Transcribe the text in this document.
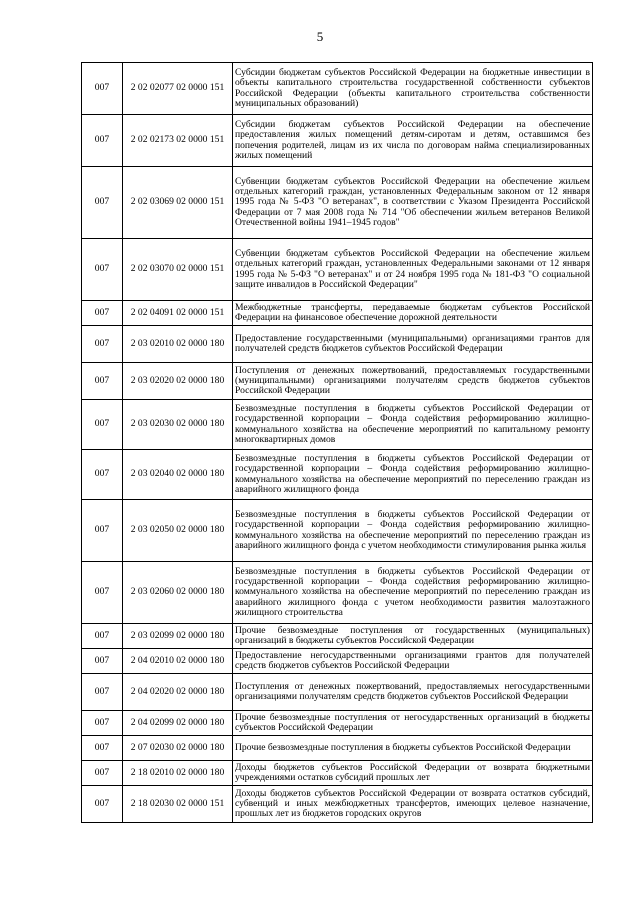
5
007	2 02 02077 02 0000 151	Субсидии бюджетам субъектов Российской Федерации на бюджетные инвестиции в объекты капитального строительства государственной собственности субъектов Российской Федерации (объекты капитального строительства собственности муниципальных образований)
007	2 02 02173 02 0000 151	Субсидии бюджетам субъектов Российской Федерации на обеспечение предоставления жилых помещений детям-сиротам и детям, оставшимся без попечения родителей, лицам из их числа по договорам найма специализированных жилых помещений
007	2 02 03069 02 0000 151	Субвенции бюджетам субъектов Российской Федерации на обеспечение жильем отдельных категорий граждан, установленных Федеральным законом от 12 января 1995 года № 5-ФЗ "О ветеранах", в соответствии с Указом Президента Российской Федерации от 7 мая 2008 года № 714 "Об обеспечении жильем ветеранов Великой Отечественной войны 1941–1945 годов"
007	2 02 03070 02 0000 151	Субвенции бюджетам субъектов Российской Федерации на обеспечение жильем отдельных категорий граждан, установленных Федеральными законами от 12 января 1995 года № 5-ФЗ "О ветеранах" и от 24 ноября 1995 года № 181-ФЗ "О социальной защите инвалидов в Российской Федерации"
007	2 02 04091 02 0000 151	Межбюджетные трансферты, передаваемые бюджетам субъектов Российской Федерации на финансовое обеспечение дорожной деятельности
007	2 03 02010 02 0000 180	Предоставление государственными (муниципальными) организациями грантов для получателей средств бюджетов субъектов Российской Федерации
007	2 03 02020 02 0000 180	Поступления от денежных пожертвований, предоставляемых государственными (муниципальными) организациями получателям средств бюджетов субъектов Российской Федерации
007	2 03 02030 02 0000 180	Безвозмездные поступления в бюджеты субъектов Российской Федерации от государственной корпорации – Фонда содействия реформированию жилищно-коммунального хозяйства на обеспечение мероприятий по капитальному ремонту многоквартирных домов
007	2 03 02040 02 0000 180	Безвозмездные поступления в бюджеты субъектов Российской Федерации от государственной корпорации – Фонда содействия реформированию жилищно-коммунального хозяйства на обеспечение мероприятий по переселению граждан из аварийного жилищного фонда
007	2 03 02050 02 0000 180	Безвозмездные поступления в бюджеты субъектов Российской Федерации от государственной корпорации – Фонда содействия реформированию жилищно-коммунального хозяйства на обеспечение мероприятий по переселению граждан из аварийного жилищного фонда с учетом необходимости стимулирования рынка жилья
007	2 03 02060 02 0000 180	Безвозмездные поступления в бюджеты субъектов Российской Федерации от государственной корпорации – Фонда содействия реформированию жилищно-коммунального хозяйства на обеспечение мероприятий по переселению граждан из аварийного жилищного фонда с учетом необходимости развития малоэтажного жилищного строительства
007	2 03 02099 02 0000 180	Прочие безвозмездные поступления от государственных (муниципальных) организаций в бюджеты субъектов Российской Федерации
007	2 04 02010 02 0000 180	Предоставление негосударственными организациями грантов для получателей средств бюджетов субъектов Российской Федерации
007	2 04 02020 02 0000 180	Поступления от денежных пожертвований, предоставляемых негосударственными организациями получателям средств бюджетов субъектов Российской Федерации
007	2 04 02099 02 0000 180	Прочие безвозмездные поступления от негосударственных организаций в бюджеты субъектов Российской Федерации
007	2 07 02030 02 0000 180	Прочие безвозмездные поступления в бюджеты субъектов Российской Федерации
007	2 18 02010 02 0000 180	Доходы бюджетов субъектов Российской Федерации от возврата бюджетными учреждениями остатков субсидий прошлых лет
007	2 18 02030 02 0000 151	Доходы бюджетов субъектов Российской Федерации от возврата остатков субсидий, субвенций и иных межбюджетных трансфертов, имеющих целевое назначение, прошлых лет из бюджетов городских округов
